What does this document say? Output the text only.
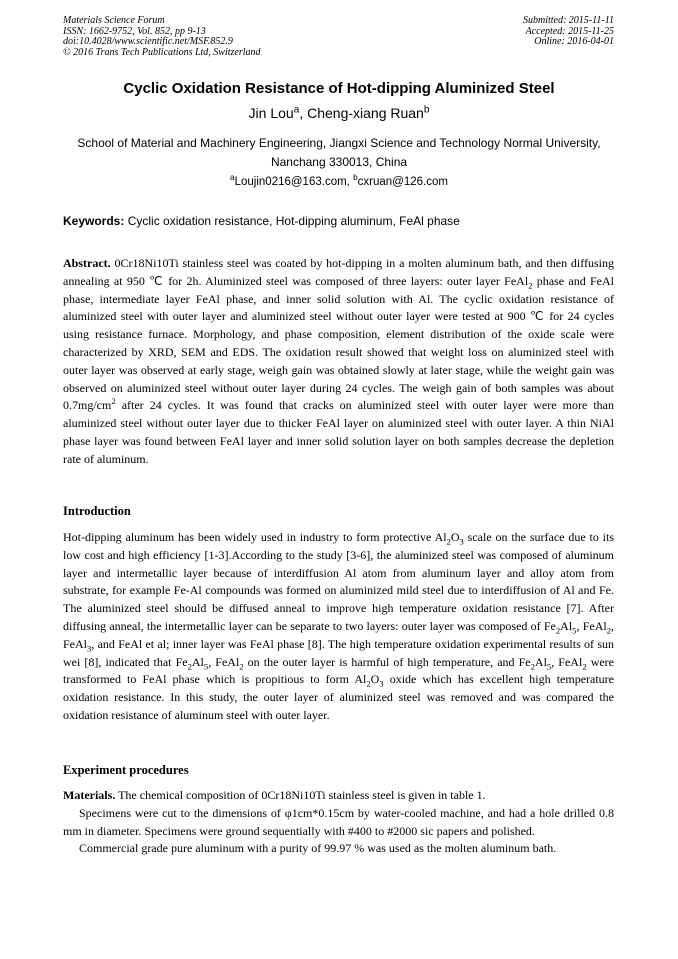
Materials Science Forum
ISSN: 1662-9752, Vol. 852, pp 9-13
doi:10.4028/www.scientific.net/MSF.852.9
© 2016 Trans Tech Publications Ltd, Switzerland
Submitted: 2015-11-11
Accepted: 2015-11-25
Online: 2016-04-01
Cyclic Oxidation Resistance of Hot-dipping Aluminized Steel
Jin Lou$^a$, Cheng-xiang Ruan$^b$
School of Material and Machinery Engineering, Jiangxi Science and Technology Normal University, Nanchang 330013, China
$^a$Loujin0216@163.com, $^b$cxruan@126.com
Keywords: Cyclic oxidation resistance, Hot-dipping aluminum, FeAl phase
Abstract. 0Cr18Ni10Ti stainless steel was coated by hot-dipping in a molten aluminum bath, and then diffusing annealing at 950 ℃ for 2h. Aluminized steel was composed of three layers: outer layer FeAl$_2$ phase and FeAl phase, intermediate layer FeAl phase, and inner solid solution with Al. The cyclic oxidation resistance of aluminized steel with outer layer and aluminized steel without outer layer were tested at 900 ℃ for 24 cycles using resistance furnace. Morphology, and phase composition, element distribution of the oxide scale were characterized by XRD, SEM and EDS. The oxidation result showed that weight loss on aluminized steel with outer layer was observed at early stage, weigh gain was obtained slowly at later stage, while the weight gain was observed on aluminized steel without outer layer during 24 cycles. The weigh gain of both samples was about $0.7mg/cm^2$ after 24 cycles. It was found that cracks on aluminized steel with outer layer were more than aluminized steel without outer layer due to thicker FeAl layer on aluminized steel with outer layer. A thin NiAl phase layer was found between FeAl layer and inner solid solution layer on both samples decrease the depletion rate of aluminum.
Introduction
Hot-dipping aluminum has been widely used in industry to form protective $Al_2O_3$ scale on the surface due to its low cost and high efficiency [1-3].According to the study [3-6], the aluminized steel was composed of aluminum layer and intermetallic layer because of interdiffusion Al atom from aluminum layer and alloy atom from substrate, for example Fe-Al compounds was formed on aluminized mild steel due to interdiffusion of Al and Fe. The aluminized steel should be diffused anneal to improve high temperature oxidation resistance [7]. After diffusing anneal, the intermetallic layer can be separate to two layers: outer layer was composed of $Fe_2Al_5$, FeAl$_2$, FeAl$_3$, and FeAl et al; inner layer was FeAl phase [8]. The high temperature oxidation experimental results of sun wei [8], indicated that $Fe_2Al_5$, FeAl$_2$ on the outer layer is harmful of high temperature, and $Fe_2Al_5$, FeAl$_2$ were transformed to FeAl phase which is propitious to form $Al_2O_3$ oxide which has excellent high temperature oxidation resistance. In this study, the outer layer of aluminized steel was removed and was compared the oxidation resistance of aluminum steel with outer layer.
Experiment procedures

Materials. The chemical composition of 0Cr18Ni10Ti stainless steel is given in table 1.

Specimens were cut to the dimensions of φ1cm*0.15cm by water-cooled machine, and had a hole drilled 0.8 mm in diameter. Specimens were ground sequentially with #400 to #2000 sic papers and polished.

Commercial grade pure aluminum with a purity of 99.97 % was used as the molten aluminum bath.
